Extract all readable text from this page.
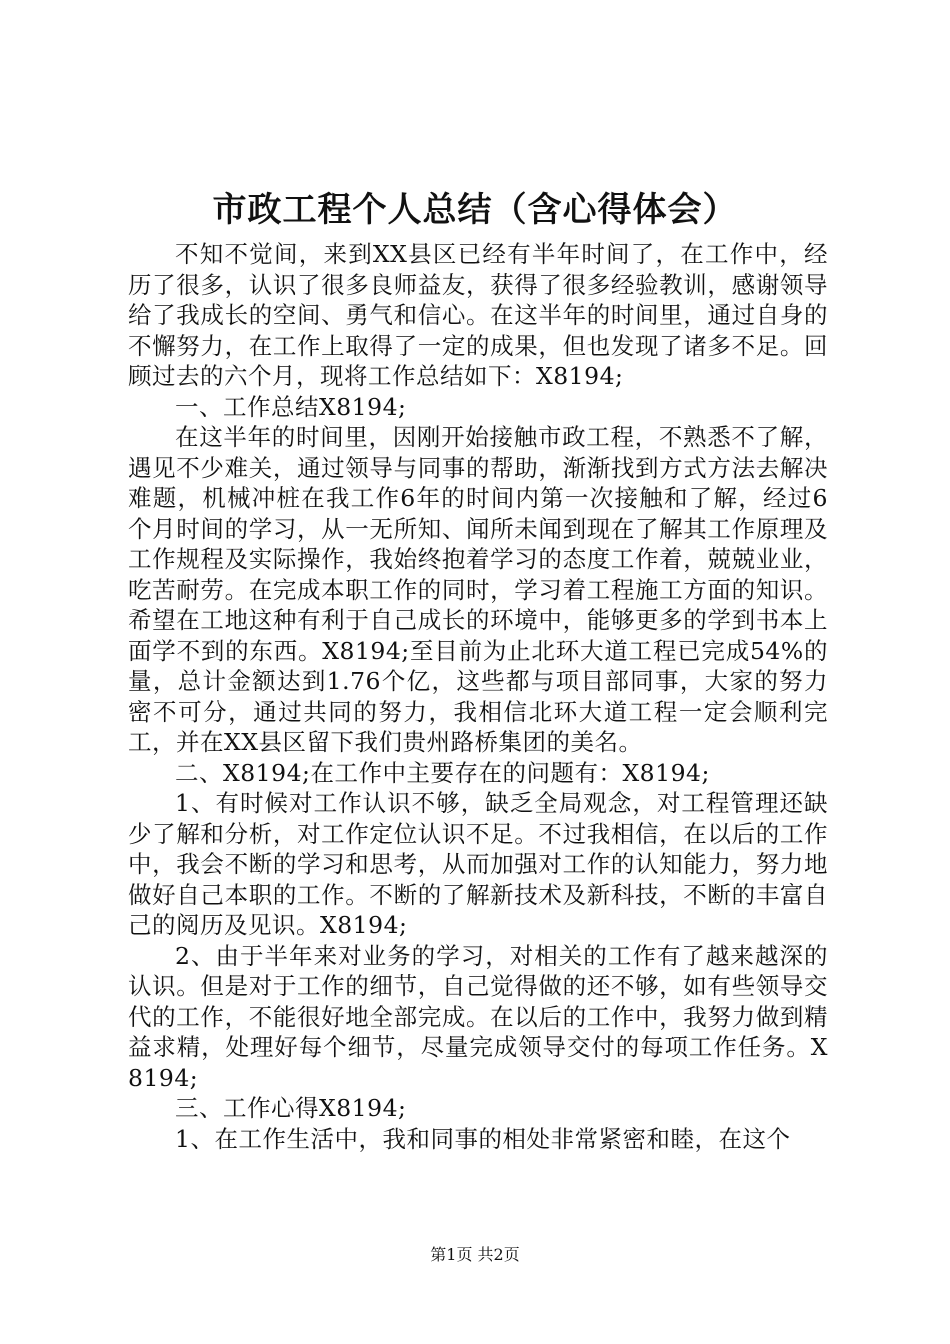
市政工程个人总结（含心得体会）

不知不觉间，来到XX县区已经有半年时间了，在工作中，经历了很多，认识了很多良师益友，获得了很多经验教训，感谢领导给了我成长的空间、勇气和信心。在这半年的时间里，通过自身的不懈努力，在工作上取得了一定的成果，但也发现了诸多不足。回顾过去的六个月，现将工作总结如下：X8194;

一、工作总结X8194;

在这半年的时间里，因刚开始接触市政工程，不熟悉不了解，遇见不少难关，通过领导与同事的帮助，渐渐找到方式方法去解决难题，机械冲桩在我工作6年的时间内第一次接触和了解，经过6个月时间的学习，从一无所知、闻所未闻到现在了解其工作原理及工作规程及实际操作，我始终抱着学习的态度工作着，兢兢业业，吃苦耐劳。在完成本职工作的同时，学习着工程施工方面的知识。希望在工地这种有利于自己成长的环境中，能够更多的学到书本上面学不到的东西。X8194;至目前为止北环大道工程已完成54%的量，总计金额达到1.76个亿，这些都与项目部同事，大家的努力密不可分，通过共同的努力，我相信北环大道工程一定会顺利完工，并在XX县区留下我们贵州路桥集团的美名。

二、X8194;在工作中主要存在的问题有：X8194;

1、有时候对工作认识不够，缺乏全局观念，对工程管理还缺少了解和分析，对工作定位认识不足。不过我相信，在以后的工作中，我会不断的学习和思考，从而加强对工作的认知能力，努力地做好自己本职的工作。不断的了解新技术及新科技，不断的丰富自己的阅历及见识。X8194;

2、由于半年来对业务的学习，对相关的工作有了越来越深的认识。但是对于工作的细节，自己觉得做的还不够，如有些领导交代的工作，不能很好地全部完成。在以后的工作中，我努力做到精益求精，处理好每个细节，尽量完成领导交付的每项工作任务。X8194;

三、工作心得X8194;

1、在工作生活中，我和同事的相处非常紧密和睦，在这个

第1页 共2页
